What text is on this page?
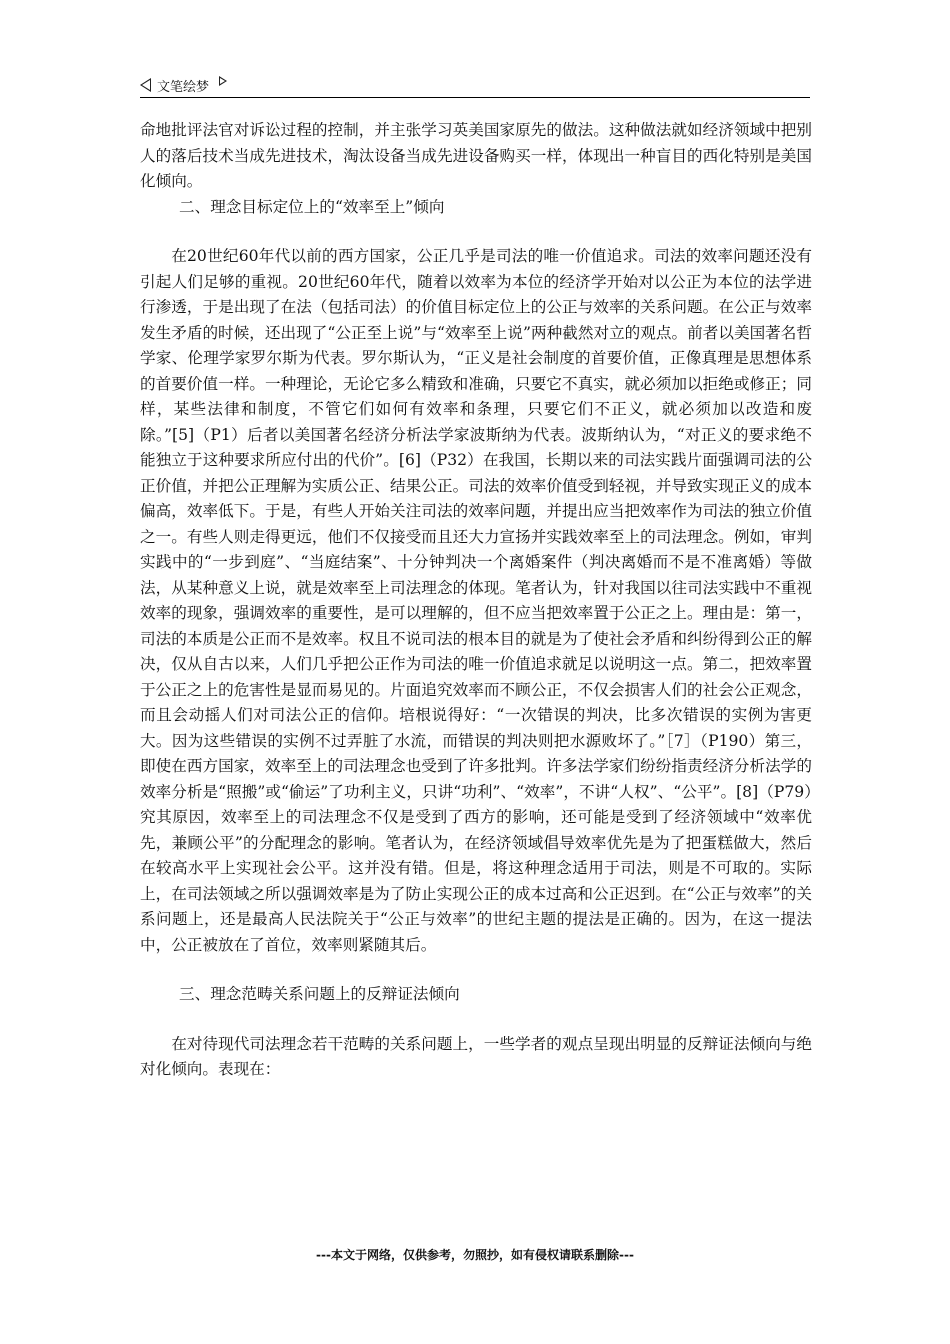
文笔绘梦

命地批评法官对诉讼过程的控制，并主张学习英美国家原先的做法。这种做法就如经济领域中把别人的落后技术当成先进技术，淘汰设备当成先进设备购买一样，体现出一种盲目的西化特别是美国化倾向。

二、理念目标定位上的“效率至上”倾向

在20世纪60年代以前的西方国家，公正几乎是司法的唯一价值追求。司法的效率问题还没有引起人们足够的重视。20世纪60年代，随着以效率为本位的经济学开始对以公正为本位的法学进行渗透，于是出现了在法（包括司法）的价值目标定位上的公正与效率的关系问题。在公正与效率发生矛盾的时候，还出现了“公正至上说”与“效率至上说”两种截然对立的观点。前者以美国著名哲学家、伦理学家罗尔斯为代表。罗尔斯认为，“正义是社会制度的首要价值，正像真理是思想体系的首要价值一样。一种理论，无论它多么精致和准确，只要它不真实，就必须加以拒绝或修正；同样，某些法律和制度，不管它们如何有效率和条理，只要它们不正义，就必须加以改造和废除。”[5]（P1）后者以美国著名经济分析法学家波斯纳为代表。波斯纳认为，“对正义的要求绝不能独立于这种要求所应付出的代价”。[6]（P32）在我国，长期以来的司法实践片面强调司法的公正价值，并把公正理解为实质公正、结果公正。司法的效率价值受到轻视，并导致实现正义的成本偏高，效率低下。于是，有些人开始关注司法的效率问题，并提出应当把效率作为司法的独立价值之一。有些人则走得更远，他们不仅接受而且还大力宣扬并实践效率至上的司法理念。例如，审判实践中的“一步到庭”、“当庭结案”、十分钟判决一个离婚案件（判决离婚而不是不准离婚）等做法，从某种意义上说，就是效率至上司法理念的体现。笔者认为，针对我国以往司法实践中不重视效率的现象，强调效率的重要性，是可以理解的，但不应当把效率置于公正之上。理由是：第一，司法的本质是公正而不是效率。权且不说司法的根本目的就是为了使社会矛盾和纠纷得到公正的解决，仅从自古以来，人们几乎把公正作为司法的唯一价值追求就足以说明这一点。第二，把效率置于公正之上的危害性是显而易见的。片面追究效率而不顾公正，不仅会损害人们的社会公正观念，而且会动摇人们对司法公正的信仰。培根说得好：“一次错误的判决，比多次错误的实例为害更大。因为这些错误的实例不过弄脏了水流，而错误的判决则把水源败坏了。”［7］（P190）第三，即使在西方国家，效率至上的司法理念也受到了许多批判。许多法学家们纷纷指责经济分析法学的效率分析是“照搬”或“偷运”了功利主义，只讲“功利”、“效率”，不讲“人权”、“公平”。[8]（P79）究其原因，效率至上的司法理念不仅是受到了西方的影响，还可能是受到了经济领域中“效率优先，兼顾公平”的分配理念的影响。笔者认为，在经济领域倡导效率优先是为了把蛋糕做大，然后在较高水平上实现社会公平。这并没有错。但是，将这种理念适用于司法，则是不可取的。实际上，在司法领域之所以强调效率是为了防止实现公正的成本过高和公正迟到。在“公正与效率”的关系问题上，还是最高人民法院关于“公正与效率”的世纪主题的提法是正确的。因为，在这一提法中，公正被放在了首位，效率则紧随其后。

三、理念范畴关系问题上的反辩证法倾向

在对待现代司法理念若干范畴的关系问题上，一些学者的观点呈现出明显的反辩证法倾向与绝对化倾向。表现在：

---本文于网络，仅供参考，勿照抄，如有侵权请联系删除---
